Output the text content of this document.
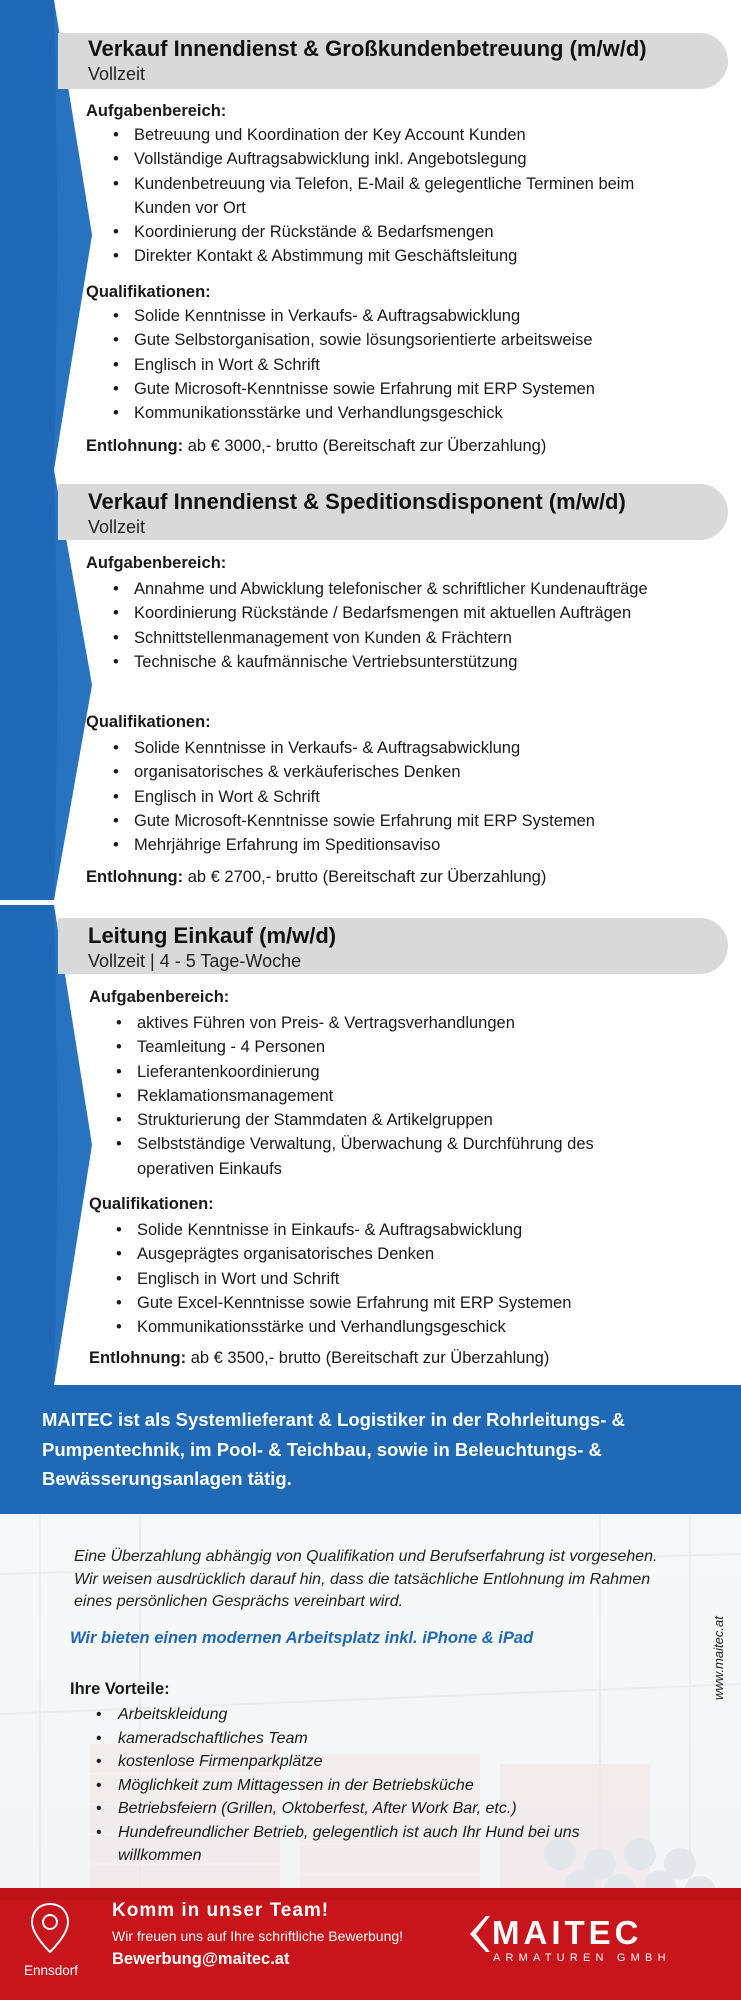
Verkauf Innendienst & Großkundenbetreuung (m/w/d)
Vollzeit
Aufgabenbereich:
• Betreuung und Koordination der Key Account Kunden
• Vollständige Auftragsabwicklung inkl. Angebotslegung
• Kundenbetreuung via Telefon, E-Mail & gelegentliche Terminen beim Kunden vor Ort
• Koordinierung der Rückstände & Bedarfsmengen
• Direkter Kontakt & Abstimmung mit Geschäftsleitung
Qualifikationen:
• Solide Kenntnisse in Verkaufs- & Auftragsabwicklung
• Gute Selbstorganisation, sowie lösungsorientierte arbeitsweise
• Englisch in Wort & Schrift
• Gute Microsoft-Kenntnisse sowie Erfahrung mit ERP Systemen
• Kommunikationsstärke und Verhandlungsgeschick
Entlohnung: ab € 3000,- brutto (Bereitschaft zur Überzahlung)
Verkauf Innendienst & Speditionsdisponent (m/w/d)
Vollzeit
Aufgabenbereich:
• Annahme und Abwicklung telefonischer & schriftlicher Kundenaufträge
• Koordinierung Rückstände / Bedarfsmengen mit aktuellen Aufträgen
• Schnittstellenmanagement von Kunden & Frächtern
• Technische & kaufmännische Vertriebsunterstützung
Qualifikationen:
• Solide Kenntnisse in Verkaufs- & Auftragsabwicklung
• organisatorisches & verkäuferisches Denken
• Englisch in Wort & Schrift
• Gute Microsoft-Kenntnisse sowie Erfahrung mit ERP Systemen
• Mehrjährige Erfahrung im Speditionsaviso
Entlohnung: ab € 2700,- brutto (Bereitschaft zur Überzahlung)
Leitung Einkauf (m/w/d)
Vollzeit | 4 - 5 Tage-Woche
Aufgabenbereich:
• aktives Führen von Preis- & Vertragsverhandlungen
• Teamleitung - 4 Personen
• Lieferantenkoordinierung
• Reklamationsmanagement
• Strukturierung der Stammdaten & Artikelgruppen
• Selbstständige Verwaltung, Überwachung & Durchführung des operativen Einkaufs
Qualifikationen:
• Solide Kenntnisse in Einkaufs- & Auftragsabwicklung
• Ausgeprägtes organisatorisches Denken
• Englisch in Wort und Schrift
• Gute Excel-Kenntnisse sowie Erfahrung mit ERP Systemen
• Kommunikationsstärke und Verhandlungsgeschick
Entlohnung: ab € 3500,- brutto (Bereitschaft zur Überzahlung)

MAITEC ist als Systemlieferant & Logistiker in der Rohrleitungs- & Pumpentechnik, im Pool- & Teichbau, sowie in Beleuchtungs- & Bewässerungsanlagen tätig.

Eine Überzahlung abhängig von Qualifikation und Berufserfahrung ist vorgesehen. Wir weisen ausdrücklich darauf hin, dass die tatsächliche Entlohnung im Rahmen eines persönlichen Gesprächs vereinbart wird.
Wir bieten einen modernen Arbeitsplatz inkl. iPhone & iPad	www.maitec.at
Ihre Vorteile:
• Arbeitskleidung
• kameradschaftliches Team
• kostenlose Firmenparkplätze
• Möglichkeit zum Mittagessen in der Betriebsküche
• Betriebsfeiern (Grillen, Oktoberfest, After Work Bar, etc.)
• Hundefreundlicher Betrieb, gelegentlich ist auch Ihr Hund bei uns willkommen
Ennsdorf
Komm in unser Team!
Wir freuen uns auf Ihre schriftliche Bewerbung!
Bewerbung@maitec.at
MAITEC
ARMATUREN GMBH
